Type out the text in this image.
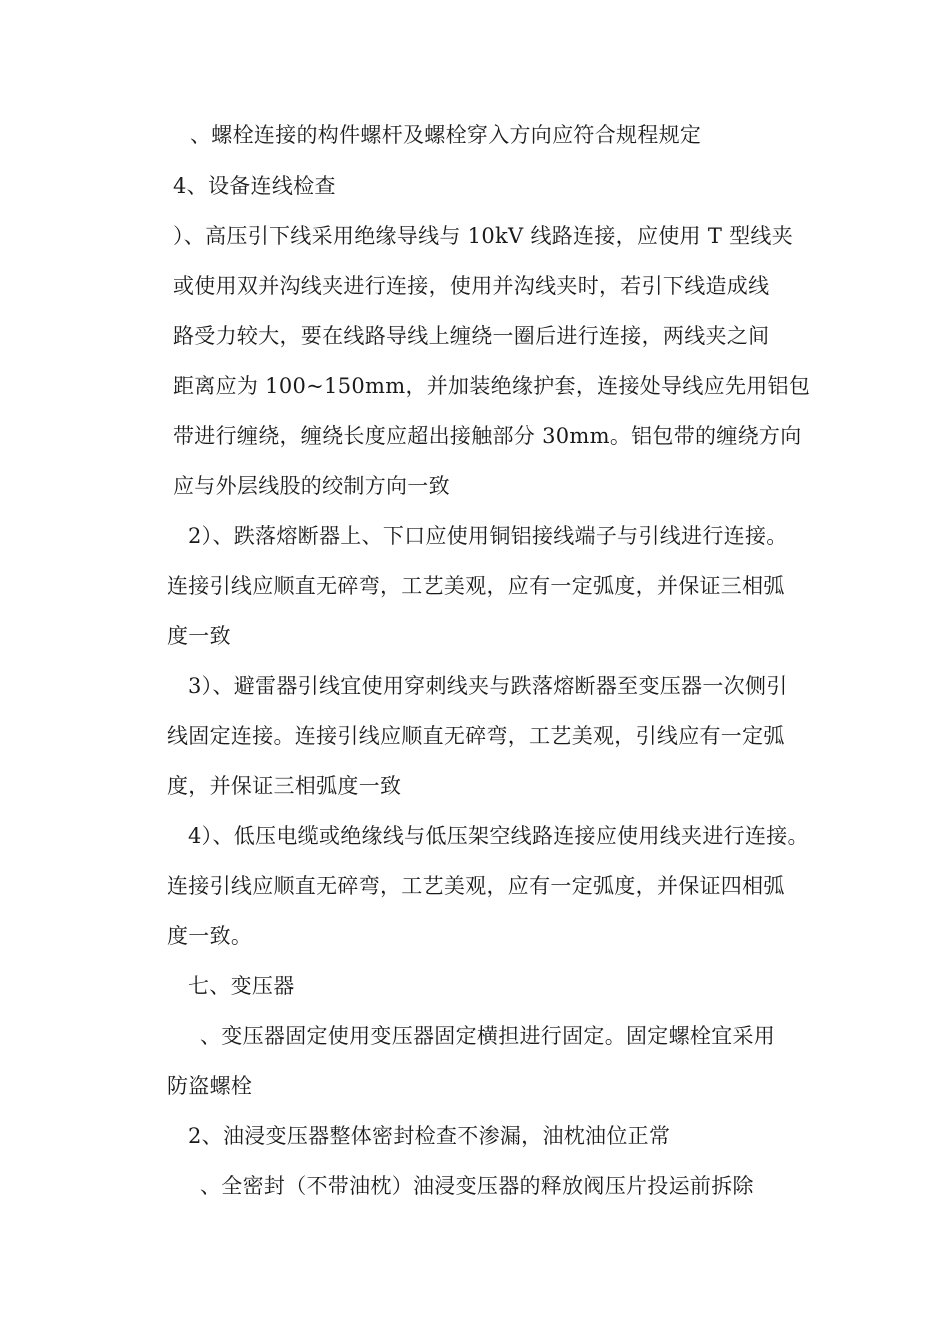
、螺栓连接的构件螺杆及螺栓穿入方向应符合规程规定
4、设备连线检查
）、高压引下线采用绝缘导线与 10kV 线路连接，应使用 T 型线夹
或使用双并沟线夹进行连接，使用并沟线夹时，若引下线造成线
路受力较大，要在线路导线上缠绕一圈后进行连接，两线夹之间
距离应为 100~150mm，并加装绝缘护套，连接处导线应先用铝包
带进行缠绕，缠绕长度应超出接触部分 30mm。铝包带的缠绕方向
应与外层线股的绞制方向一致
2）、跌落熔断器上、下口应使用铜铝接线端子与引线进行连接。
连接引线应顺直无碎弯，工艺美观，应有一定弧度，并保证三相弧
度一致
3）、避雷器引线宜使用穿刺线夹与跌落熔断器至变压器一次侧引
线固定连接。连接引线应顺直无碎弯，工艺美观，引线应有一定弧
度，并保证三相弧度一致
4）、低压电缆或绝缘线与低压架空线路连接应使用线夹进行连接。
连接引线应顺直无碎弯，工艺美观，应有一定弧度，并保证四相弧
度一致。
七、变压器
、变压器固定使用变压器固定横担进行固定。固定螺栓宜采用
防盗螺栓
2、油浸变压器整体密封检查不渗漏，油枕油位正常
、全密封（不带油枕）油浸变压器的释放阀压片投运前拆除
